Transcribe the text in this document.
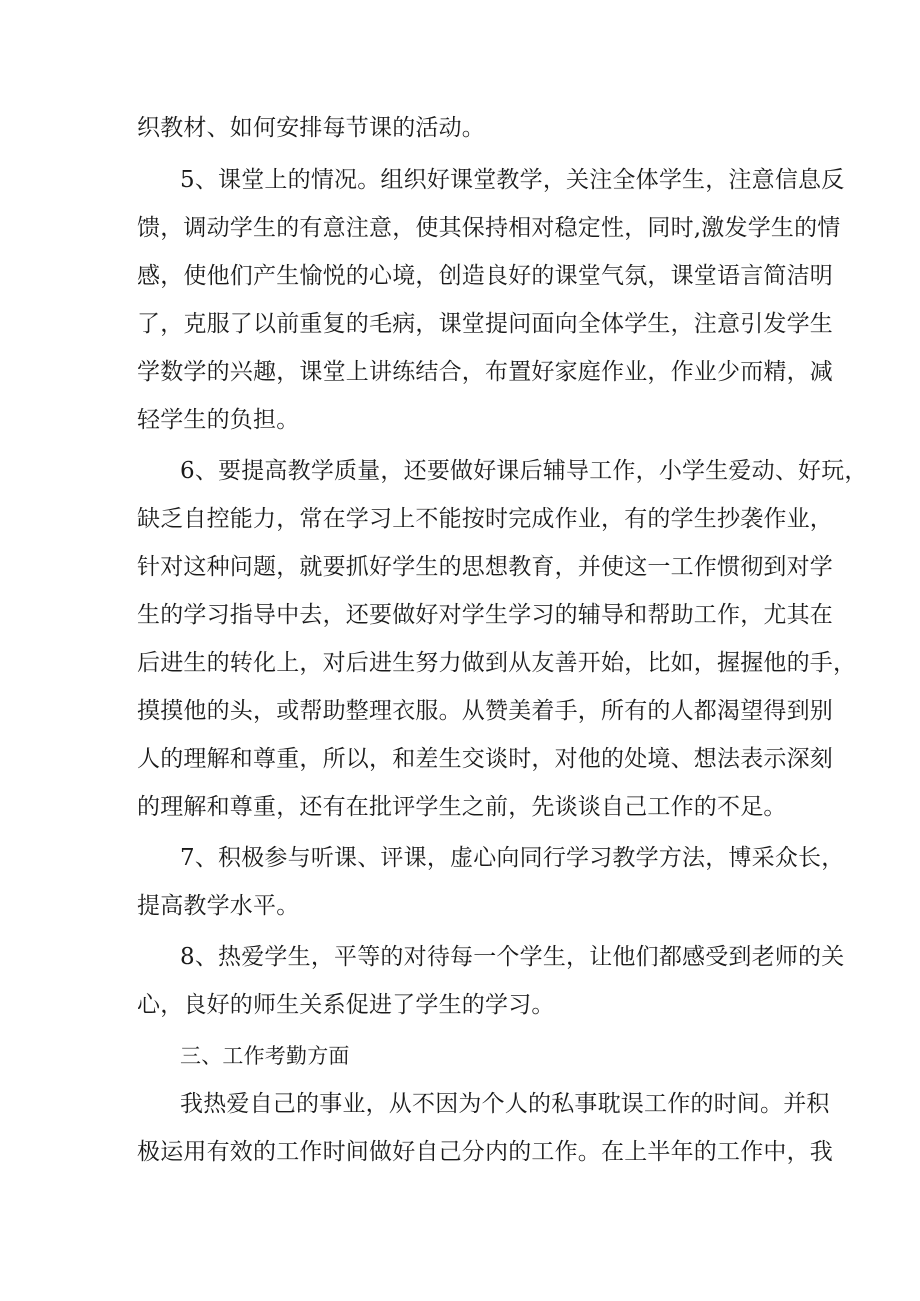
织教材、如何安排每节课的活动。
5、课堂上的情况。组织好课堂教学，关注全体学生，注意信息反
馈，调动学生的有意注意，使其保持相对稳定性，同时,激发学生的情
感，使他们产生愉悦的心境，创造良好的课堂气氛，课堂语言简洁明
了，克服了以前重复的毛病，课堂提问面向全体学生，注意引发学生
学数学的兴趣，课堂上讲练结合，布置好家庭作业，作业少而精，减
轻学生的负担。
6、要提高教学质量，还要做好课后辅导工作，小学生爱动、好玩，
缺乏自控能力，常在学习上不能按时完成作业，有的学生抄袭作业，
针对这种问题，就要抓好学生的思想教育，并使这一工作惯彻到对学
生的学习指导中去，还要做好对学生学习的辅导和帮助工作，尤其在
后进生的转化上，对后进生努力做到从友善开始，比如，握握他的手，
摸摸他的头，或帮助整理衣服。从赞美着手，所有的人都渴望得到别
人的理解和尊重，所以，和差生交谈时，对他的处境、想法表示深刻
的理解和尊重，还有在批评学生之前，先谈谈自己工作的不足。
7、积极参与听课、评课，虚心向同行学习教学方法，博采众长，
提高教学水平。
8、热爱学生，平等的对待每一个学生，让他们都感受到老师的关
心，良好的师生关系促进了学生的学习。
三、工作考勤方面
我热爱自己的事业，从不因为个人的私事耽误工作的时间。并积
极运用有效的工作时间做好自己分内的工作。在上半年的工作中，我
